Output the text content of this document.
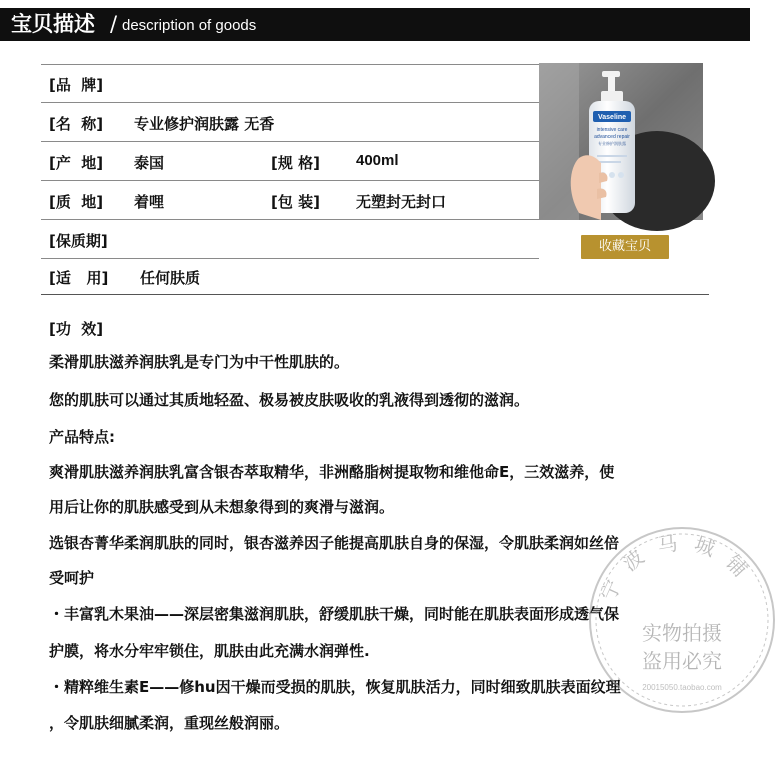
宝贝描述 / description of goods
[品  牌]
[名  称] 专业修护润肤露 无香
[产  地] 泰国	[规 格] 400ml
[质  地] 着哩	[包 装] 无塑封无封口
[保质期]
[适   用] 任何肤质
Vaseline
intensive care
advanced repair
专业修护润肤露
收藏宝贝
[功  效]
柔滑肌肤滋养润肤乳是专门为中干性肌肤的。
您的肌肤可以通过其质地轻盈、极易被皮肤吸收的乳液得到透彻的滋润。
产品特点:
爽滑肌肤滋养润肤乳富含银杏萃取精华，非洲酪脂树提取物和维他命E，三效滋养，使
用后让你的肌肤感受到从未想象得到的爽滑与滋润。
选银杏菁华柔润肌肤的同时，银杏滋养因子能提高肌肤自身的保湿，令肌肤柔润如丝倍
受呵护
・丰富乳木果油——深层密集滋润肌肤，舒缓肌肤干燥，同时能在肌肤表面形成透气保
护膜，将水分牢牢锁住，肌肤由此充满水润弹性.
・精粹维生素E——修hu因干燥而受损的肌肤，恢复肌肤活力，同时细致肌肤表面纹理
，令肌肤细腻柔润，重现丝般润丽。
宁 波 马 城 铺
实物拍摄
盗用必究
20015050.taobao.com
